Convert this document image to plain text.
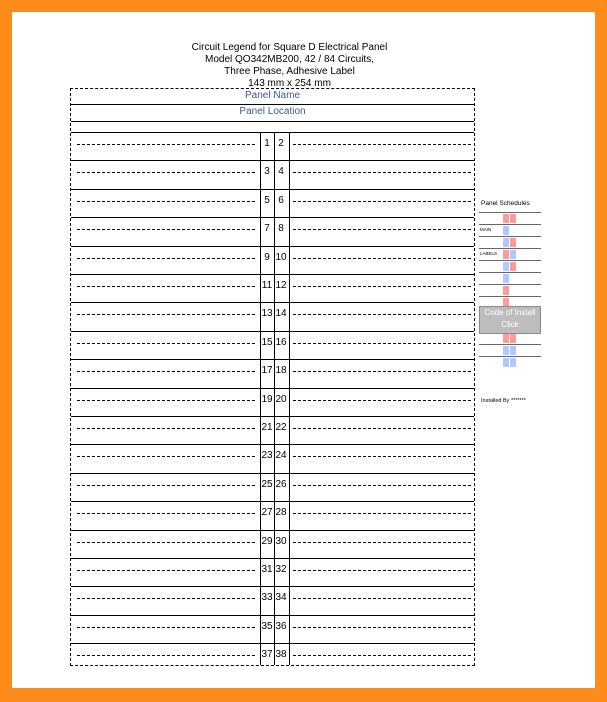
Circuit Legend for Square D Electrical Panel
Model QO342MB200, 42 / 84 Circuits,
Three Phase, Adhesive Label
143 mm x 254 mm
Panel Name
Panel Location
1 2
3 4
5 6
7 8
9 10
11 12
13 14
15 16
17 18
19 20
21 22
23 24
25 26
27 28
29 30
31 32
33 34
35 36
37 38
Panel Schedules
MAIN
LABELS
Code of Install
Click
Installed By *******
